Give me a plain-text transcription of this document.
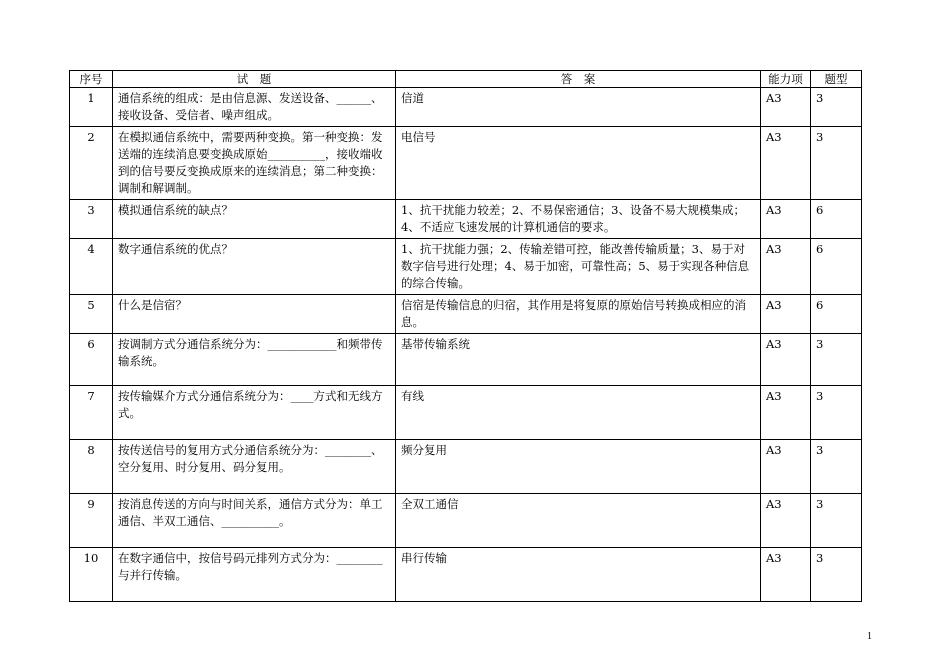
序号	试　题	答　案	能力项	题型
1	通信系统的组成：是由信息源、发送设备、______、接收设备、受信者、噪声组成。	信道	A3	3
2	在模拟通信系统中，需要两种变换。第一种变换：发送端的连续消息要变换成原始__________，接收端收到的信号要反变换成原来的连续消息；第二种变换：调制和解调制。	电信号	A3	3
3	模拟通信系统的缺点？	1、抗干扰能力较差；2、不易保密通信；3、设备不易大规模集成；4、不适应飞速发展的计算机通信的要求。	A3	6
4	数字通信系统的优点？	1、抗干扰能力强；2、传输差错可控，能改善传输质量；3、易于对数字信号进行处理；4、易于加密，可靠性高；5、易于实现各种信息的综合传输。	A3	6
5	什么是信宿？	信宿是传输信息的归宿，其作用是将复原的原始信号转换成相应的消息。	A3	6
6	按调制方式分通信系统分为：____________和频带传输系统。	基带传输系统	A3	3
7	按传输媒介方式分通信系统分为：____方式和无线方式。	有线	A3	3
8	按传送信号的复用方式分通信系统分为：________、空分复用、时分复用、码分复用。	频分复用	A3	3
9	按消息传送的方向与时间关系，通信方式分为：单工通信、半双工通信、__________。	全双工通信	A3	3
10	在数字通信中，按信号码元排列方式分为：________与并行传输。	串行传输	A3	3
1
